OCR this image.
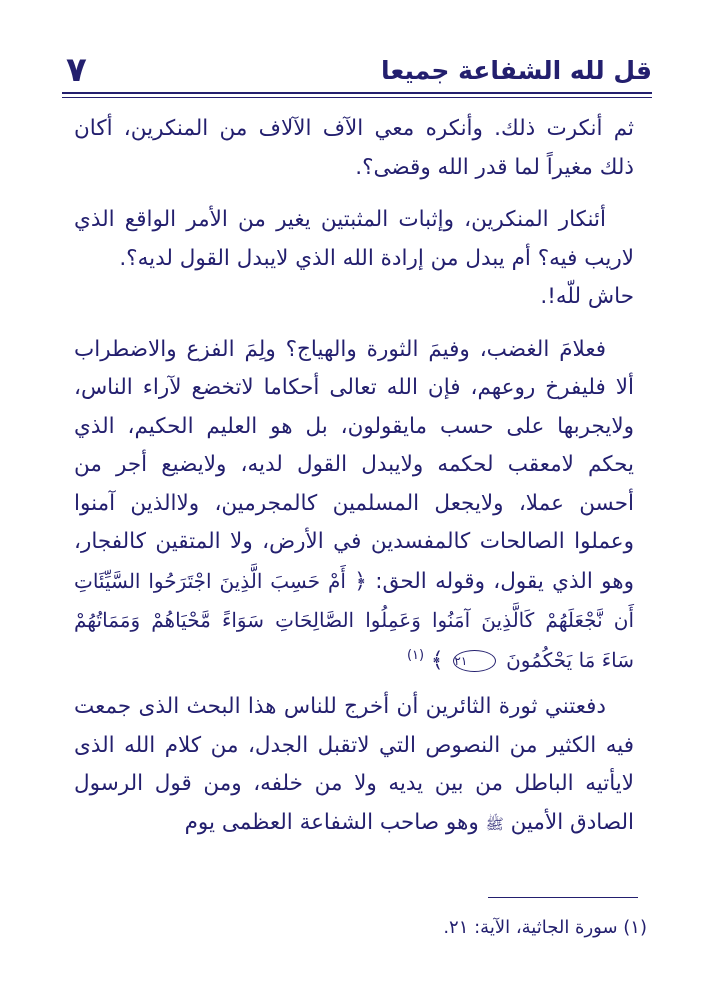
٧	قل لله الشفاعة جميعا

ثم أنكرت ذلك. وأنكره معي الآف الآلاف من المنكرين، أكان ذلك مغيراً لما قدر الله وقضى؟.

أئنكار المنكرين، وإثبات المثبتين يغير من الأمر الواقع الذي لاريب فيه؟ أم يبدل من إرادة الله الذي لايبدل القول لديه؟.

حاش للّه!.

فعلامَ الغضب، وفيمَ الثورة والهياج؟ ولِمَ الفزع والاضطراب ألا فليفرخ روعهم، فإن الله تعالى أحكاما لاتخضع لآراء الناس، ولايجربها على حسب مايقولون، بل هو العليم الحكيم، الذي يحكم لامعقب لحكمه ولايبدل القول لديه، ولايضيع أجر من أحسن عملا، ولايجعل المسلمين كالمجرمين، ولاالذين آمنوا وعملوا الصالحات كالمفسدين في الأرض، ولا المتقين كالفجار، وهو الذي يقول، وقوله الحق: ﴿ أَمْ حَسِبَ الَّذِينَ اجْتَرَحُوا السَّيِّئَاتِ أَن نَّجْعَلَهُمْ كَالَّذِينَ آمَنُوا وَعَمِلُوا الصَّالِحَاتِ سَوَاءً مَّحْيَاهُمْ وَمَمَاتُهُمْ سَاءَ مَا يَحْكُمُونَ ٢١ ﴾ $^{(١)}$

دفعتني ثورة الثائرين أن أخرج للناس هذا البحث الذى جمعت فيه الكثير من النصوص التي لاتقبل الجدل، من كلام الله الذى لايأتيه الباطل من بين يديه ولا من خلفه، ومن قول الرسول الصادق الأمين ﷺ وهو صاحب الشفاعة العظمى يوم

(١) سورة الجاثية، الآية: ٢١.
